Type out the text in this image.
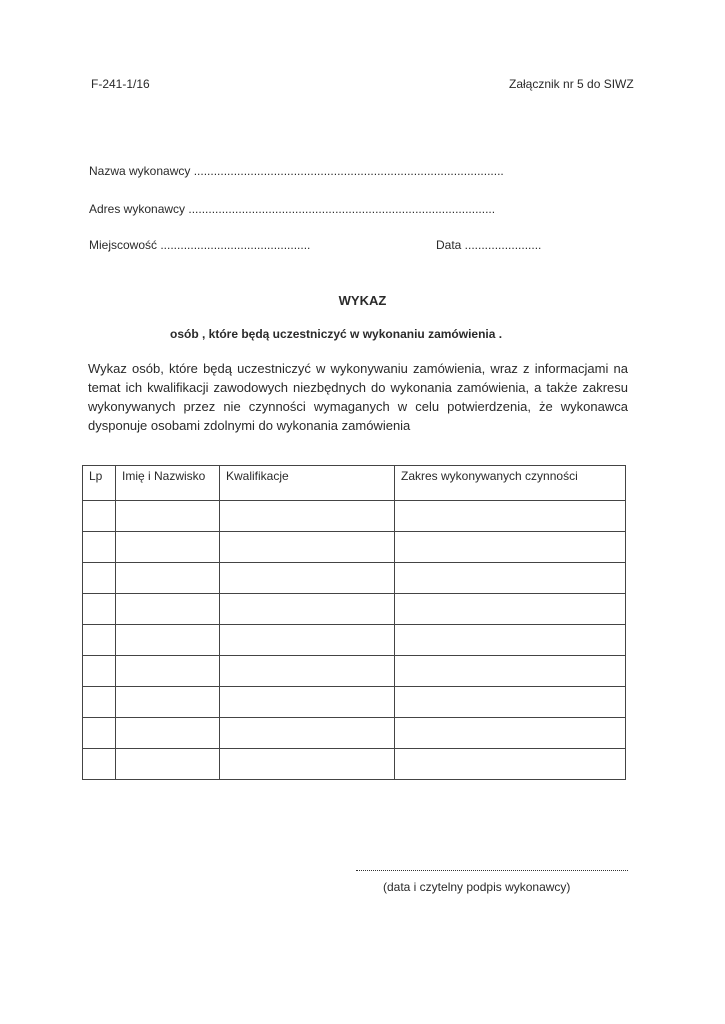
F-241-1/16	Załącznik nr 5 do SIWZ
Nazwa wykonawcy .............................................................................................
Adres wykonawcy ............................................................................................
Miejscowość .............................................	Data .......................
WYKAZ
osób , które będą uczestniczyć w wykonaniu zamówienia .
Wykaz osób, które będą uczestniczyć w wykonywaniu zamówienia, wraz z informacjami na temat ich kwalifikacji zawodowych niezbędnych do wykonania zamówienia, a także zakresu wykonywanych przez nie czynności wymaganych w celu potwierdzenia, że wykonawca dysponuje osobami zdolnymi do wykonania zamówienia
Lp	Imię i Nazwisko	Kwalifikacje	Zakres wykonywanych czynności

(data i czytelny podpis wykonawcy)
